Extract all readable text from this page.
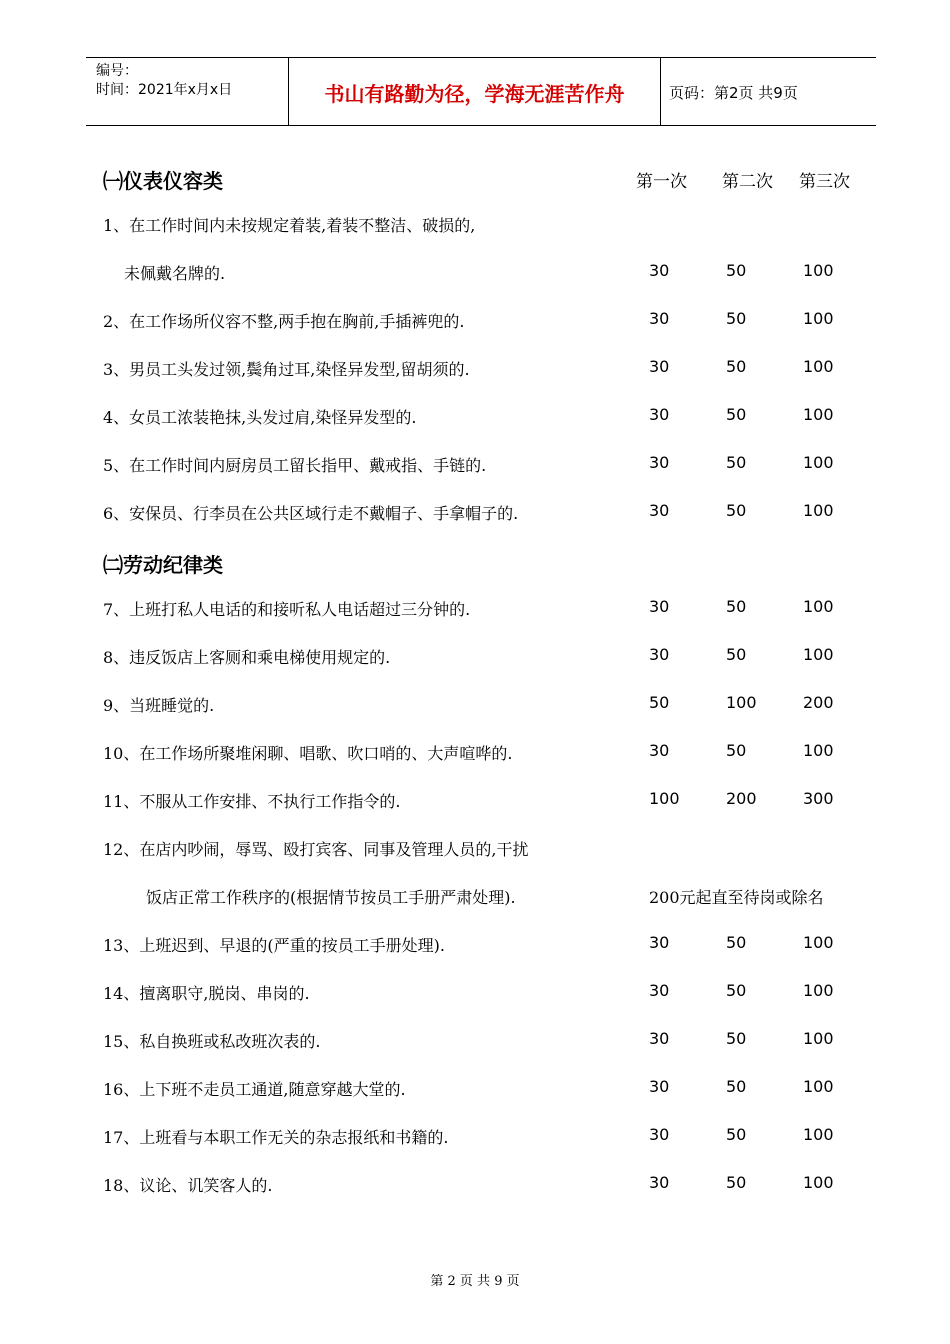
编号：
时间：2021年x月x日	书山有路勤为径，学海无涯苦作舟	页码：第2页 共9页
㈠仪表仪容类	第一次 第二次 第三次
1、在工作时间内未按规定着装,着装不整洁、破损的,
未佩戴名牌的.	30	50	100
2、在工作场所仪容不整,两手抱在胸前,手插裤兜的.	30	50	100
3、男员工头发过领,鬓角过耳,染怪异发型,留胡须的.	30	50	100
4、女员工浓装艳抹,头发过肩,染怪异发型的.	30	50	100
5、在工作时间内厨房员工留长指甲、戴戒指、手链的.	30	50	100
6、安保员、行李员在公共区域行走不戴帽子、手拿帽子的.	30	50	100
㈡劳动纪律类
7、上班打私人电话的和接听私人电话超过三分钟的.	30	50	100
8、违反饭店上客厕和乘电梯使用规定的.	30	50	100
9、当班睡觉的.	50	100	200
10、在工作场所聚堆闲聊、唱歌、吹口哨的、大声喧哗的.	30	50	100
11、不服从工作安排、不执行工作指令的.	100	200	300
12、在店内吵闹，辱骂、殴打宾客、同事及管理人员的,干扰
饭店正常工作秩序的(根据情节按员工手册严肃处理).	200元起直至待岗或除名
13、上班迟到、早退的(严重的按员工手册处理).	30	50	100
14、擅离职守,脱岗、串岗的.	30	50	100
15、私自换班或私改班次表的.	30	50	100
16、上下班不走员工通道,随意穿越大堂的.	30	50	100
17、上班看与本职工作无关的杂志报纸和书籍的.	30	50	100
18、议论、讥笑客人的.	30	50	100
第 2 页 共 9 页
